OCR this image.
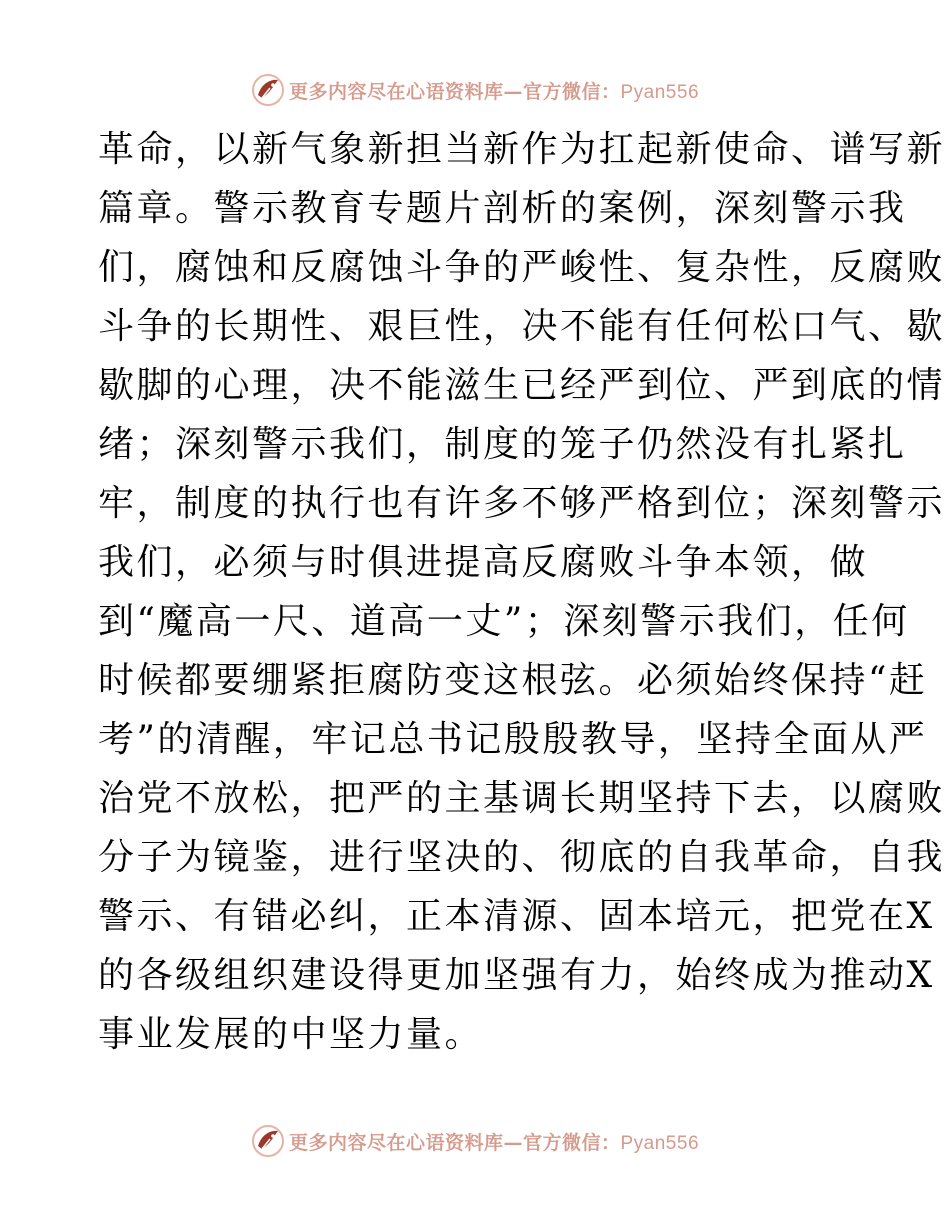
更多内容尽在心语资料库—官方微信：Pyan556
革命，以新气象新担当新作为扛起新使命、谱写新
篇章。警示教育专题片剖析的案例，深刻警示我
们，腐蚀和反腐蚀斗争的严峻性、复杂性，反腐败
斗争的长期性、艰巨性，决不能有任何松口气、歇
歇脚的心理，决不能滋生已经严到位、严到底的情
绪；深刻警示我们，制度的笼子仍然没有扎紧扎
牢，制度的执行也有许多不够严格到位；深刻警示
我们，必须与时俱进提高反腐败斗争本领，做
到“魔高一尺、道高一丈”；深刻警示我们，任何
时候都要绷紧拒腐防变这根弦。必须始终保持“赶
考”的清醒，牢记总书记殷殷教导，坚持全面从严
治党不放松，把严的主基调长期坚持下去，以腐败
分子为镜鉴，进行坚决的、彻底的自我革命，自我
警示、有错必纠，正本清源、固本培元，把党在X
的各级组织建设得更加坚强有力，始终成为推动X
事业发展的中坚力量。
更多内容尽在心语资料库—官方微信：Pyan556
